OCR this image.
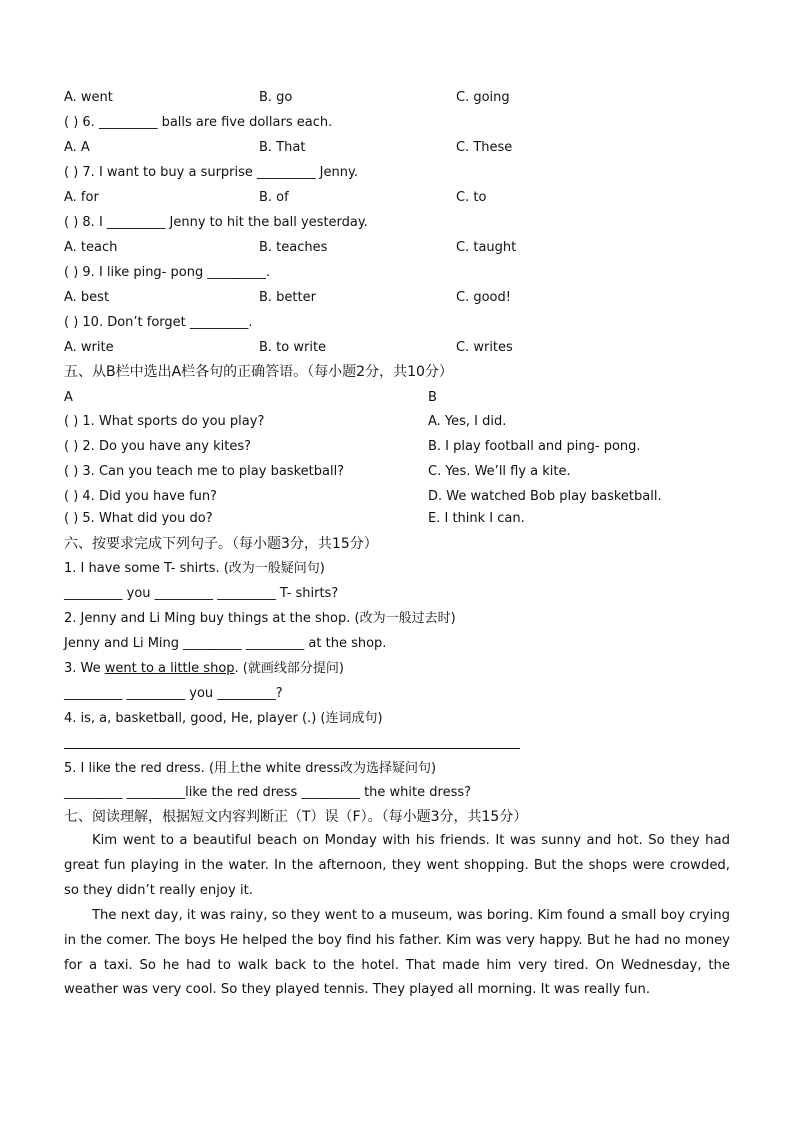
A. went	B. go	C. going
( ) 6. _________ balls are five dollars each.
A. A	B. That	C. These
( ) 7. I want to buy a surprise _________ Jenny.
A. for	B. of	C. to
( ) 8. I _________ Jenny to hit the ball yesterday.
A. teach	B. teaches	C. taught
( ) 9. I like ping- pong _________.
A. best	B. better	C. good!
( ) 10. Don’t forget _________.
A. write	B. to write	C. writes
五、从B栏中选出A栏各句的正确答语。（每小题2分，共10分）
A	B
( ) 1. What sports do you play?	A. Yes, I did.
( ) 2. Do you have any kites?	B. I play football and ping- pong.
( ) 3. Can you teach me to play basketball?	C. Yes. We’ll fly a kite.
( ) 4. Did you have fun?	D. We watched Bob play basketball.
( ) 5. What did you do?	E. I think I can.
六、按要求完成下列句子。（每小题3分，共15分）
1. I have some T- shirts. (改为一般疑问句)
_________ you _________ _________ T- shirts?
2. Jenny and Li Ming buy things at the shop. (改为一般过去时)
Jenny and Li Ming _________ _________ at the shop.
3. We went to a little shop. (就画线部分提问)
_________ _________ you _________?
4. is, a, basketball, good, He, player (.) (连词成句)
5. I like the red dress. (用上the white dress改为选择疑问句)
_________ _________like the red dress _________ the white dress?
七、阅读理解，根据短文内容判断正（T）误（F）。（每小题3分，共15分）
Kim went to a beautiful beach on Monday with his friends. It was sunny and hot. So they had great fun playing in the water. In the afternoon, they went shopping. But the shops were crowded, so they didn’t really enjoy it.
The next day, it was rainy, so they went to a museum, was boring. Kim found a small boy crying in the comer. The boys He helped the boy find his father. Kim was very happy. But he had no money for a taxi. So he had to walk back to the hotel. That made him very tired. On Wednesday, the weather was very cool. So they played tennis. They played all morning. It was really fun.
